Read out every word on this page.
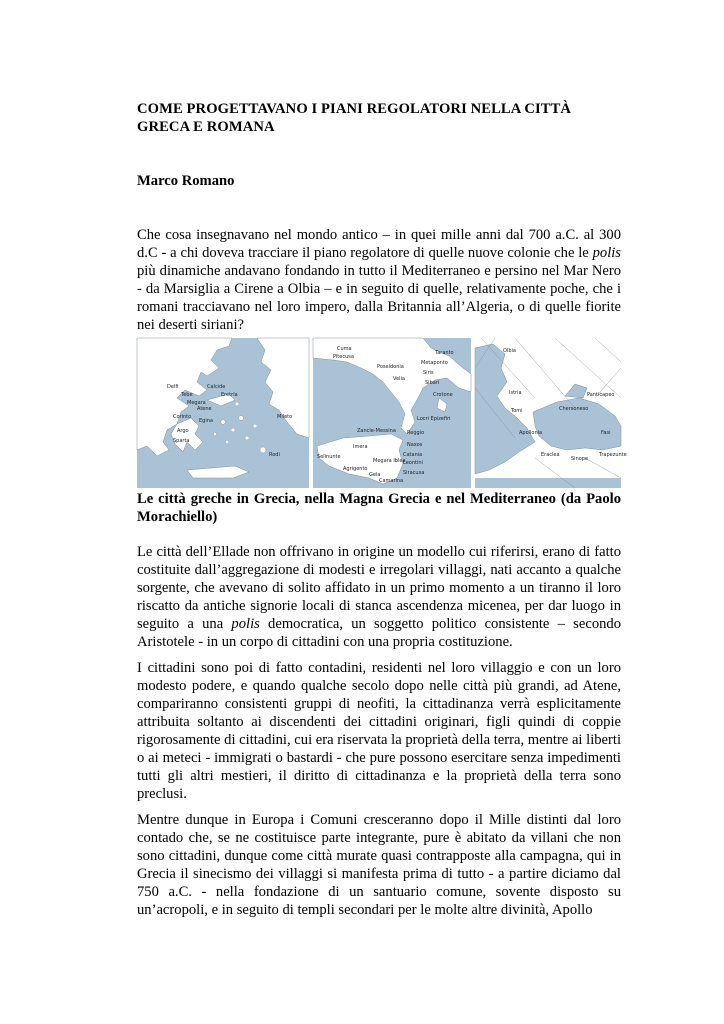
COME PROGETTAVANO I PIANI REGOLATORI NELLA CITTÀ GRECA E ROMANA

Marco Romano

Che cosa insegnavano nel mondo antico – in quei mille anni dal 700 a.C. al 300 d.C - a chi doveva tracciare il piano regolatore di quelle nuove colonie che le polis più dinamiche andavano fondando in tutto il Mediterraneo e persino nel Mar Nero - da Marsiglia a Cirene a Olbia – e in seguito di quelle, relativamente poche, che i romani tracciavano nel loro impero, dalla Britannia all’Algeria, o di quelle fiorite nei deserti siriani?

Tebe
Atene
Corinto
Argo
Sparta
Delfi
Egina
Megara
Calcide
Eretria
Mileto
Rodi
Cuma
Pitecusa
Poseidonia
Velia
Metaponto
Taranto
Siris
Sibari
Crotone
Locri Epizefiri
Reggio
Zancle-Messina
Naxos
Catania
Leontini
Siracusa
Gela
Agrigento
Selinunte
Imera
Megara Iblea
Camarina
Olbia
Istria
Tomi
Apollonia
Sinope
Trapezunte
Chersoneso
Panticapeo
Fasi
Eraclea

Le città greche in Grecia, nella Magna Grecia e nel Mediterraneo (da Paolo Morachiello)

Le città dell’Ellade non offrivano in origine un modello cui riferirsi, erano di fatto costituite dall’aggregazione di modesti e irregolari villaggi, nati accanto a qualche sorgente, che avevano di solito affidato in un primo momento a un tiranno il loro riscatto da antiche signorie locali di stanca ascendenza micenea, per dar luogo in seguito a una polis democratica, un soggetto politico consistente – secondo Aristotele - in un corpo di cittadini con una propria costituzione.

I cittadini sono poi di fatto contadini, residenti nel loro villaggio e con un loro modesto podere, e quando qualche secolo dopo nelle città più grandi, ad Atene, compariranno consistenti gruppi di neofiti, la cittadinanza verrà esplicitamente attribuita soltanto ai discendenti dei cittadini originari, figli quindi di coppie rigorosamente di cittadini, cui era riservata la proprietà della terra, mentre ai liberti o ai meteci - immigrati o bastardi - che pure possono esercitare senza impedimenti tutti gli altri mestieri, il diritto di cittadinanza e la proprietà della terra sono preclusi.

Mentre dunque in Europa i Comuni cresceranno dopo il Mille distinti dal loro contado che, se ne costituisce parte integrante, pure è abitato da villani che non sono cittadini, dunque come città murate quasi contrapposte alla campagna, qui in Grecia il sinecismo dei villaggi si manifesta prima di tutto - a partire diciamo dal 750 a.C. - nella fondazione di un santuario comune, sovente disposto su un’acropoli, e in seguito di templi secondari per le molte altre divinità, Apollo
